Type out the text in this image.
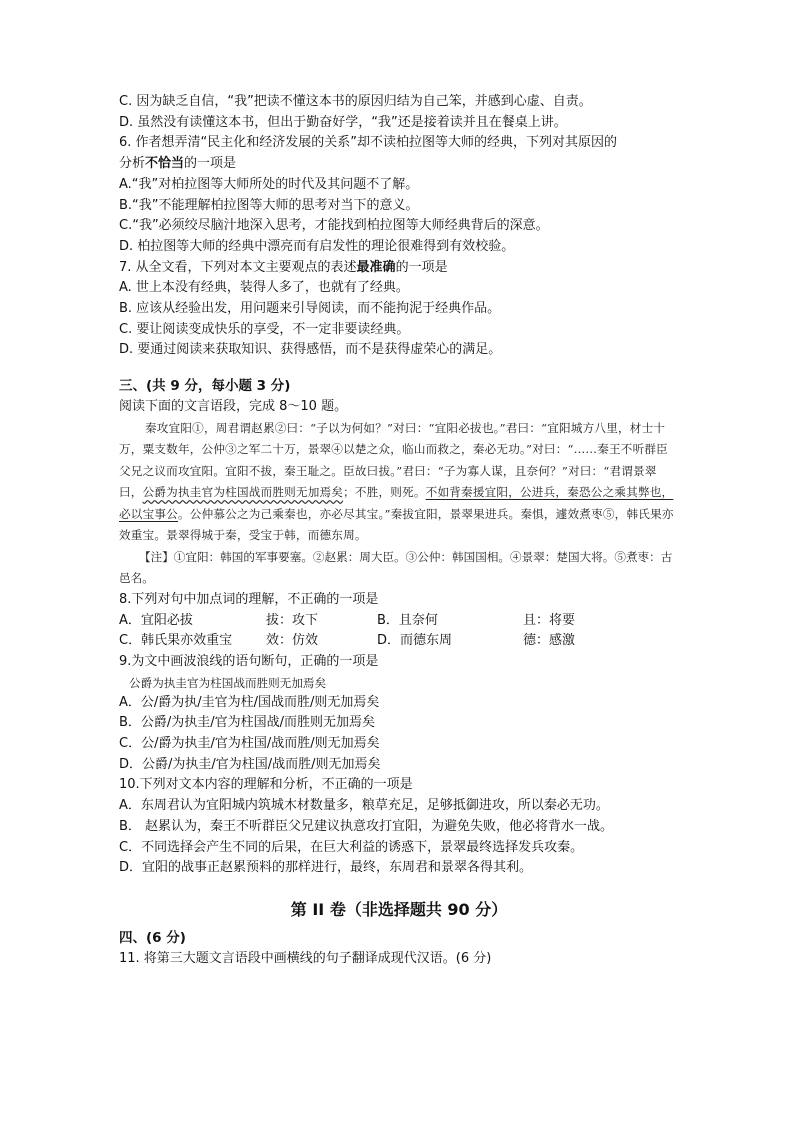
C. 因为缺乏自信，“我”把读不懂这本书的原因归结为自己笨，并感到心虚、自责。
D. 虽然没有读懂这本书，但出于勤奋好学，“我”还是接着读并且在餐桌上讲。
6. 作者想弄清“民主化和经济发展的关系”却不读柏拉图等大师的经典，下列对其原因的
分析不恰当的一项是
A.“我”对柏拉图等大师所处的时代及其问题不了解。
B.“我”不能理解柏拉图等大师的思考对当下的意义。
C.“我”必须绞尽脑汁地深入思考，才能找到柏拉图等大师经典背后的深意。
D. 柏拉图等大师的经典中漂亮而有启发性的理论很难得到有效校验。
7. 从全文看，下列对本文主要观点的表述最准确的一项是
A. 世上本没有经典，装得人多了，也就有了经典。
B. 应该从经验出发，用问题来引导阅读，而不能拘泥于经典作品。
C. 要让阅读变成快乐的享受，不一定非要读经典。
D. 要通过阅读来获取知识、获得感悟，而不是获得虚荣心的满足。
三、(共 9 分，每小题 3 分)
阅读下面的文言语段，完成 8～10 题。

秦攻宜阳①，周君谓赵累②曰：“子以为何如？”对曰：“宜阳必拔也。”君曰：“宜阳城方八里，材士十万，粟支数年，公仲③之军二十万，景翠④以楚之众，临山而救之，秦必无功。”对曰：“……秦王不听群臣父兄之议而攻宜阳。宜阳不拔，秦王耻之。臣故曰拔。”君曰：“子为寡人谋，且奈何？”对曰：“君谓景翠曰，公爵为执圭官为柱国战而胜则无加焉矣；不胜，则死。不如背秦援宜阳，公进兵，秦恐公之乘其弊也，必以宝事公。公仲慕公之为己乘秦也，亦必尽其宝。”秦拔宜阳，景翠果进兵。秦惧，遽效煮枣⑤，韩氏果亦效重宝。景翠得城于秦，受宝于韩，而德东周。

【注】①宜阳：韩国的军事要塞。②赵累：周大臣。③公仲：韩国国相。④景翠：楚国大将。⑤煮枣：古邑名。
8.下列对句中加点词的理解，不正确的一项是
A．宜阳必拔	拔：攻下	B．且奈何	且：将要
C．韩氏果亦效重宝	效：仿效	D．而德东周	德：感激
9.为文中画波浪线的语句断句，正确的一项是
公爵为执圭官为柱国战而胜则无加焉矣
A．公/爵为执/圭官为柱/国战而胜/则无加焉矣
B．公爵/为执圭/官为柱国战/而胜则无加焉矣
C．公/爵为执圭/官为柱国/战而胜/则无加焉矣
D．公爵/为执圭/官为柱国/战而胜/则无加焉矣
10.下列对文本内容的理解和分析，不正确的一项是
A．东周君认为宜阳城内筑城木材数量多，粮草充足，足够抵御进攻，所以秦必无功。
B． 赵累认为，秦王不听群臣父兄建议执意攻打宜阳，为避免失败，他必将背水一战。
C．不同选择会产生不同的后果，在巨大利益的诱惑下，景翠最终选择发兵攻秦。
D．宜阳的战事正赵累预料的那样进行，最终，东周君和景翠各得其利。
第 II 卷（非选择题共 90 分）
四、(6 分)
11. 将第三大题文言语段中画横线的句子翻译成现代汉语。(6 分)
